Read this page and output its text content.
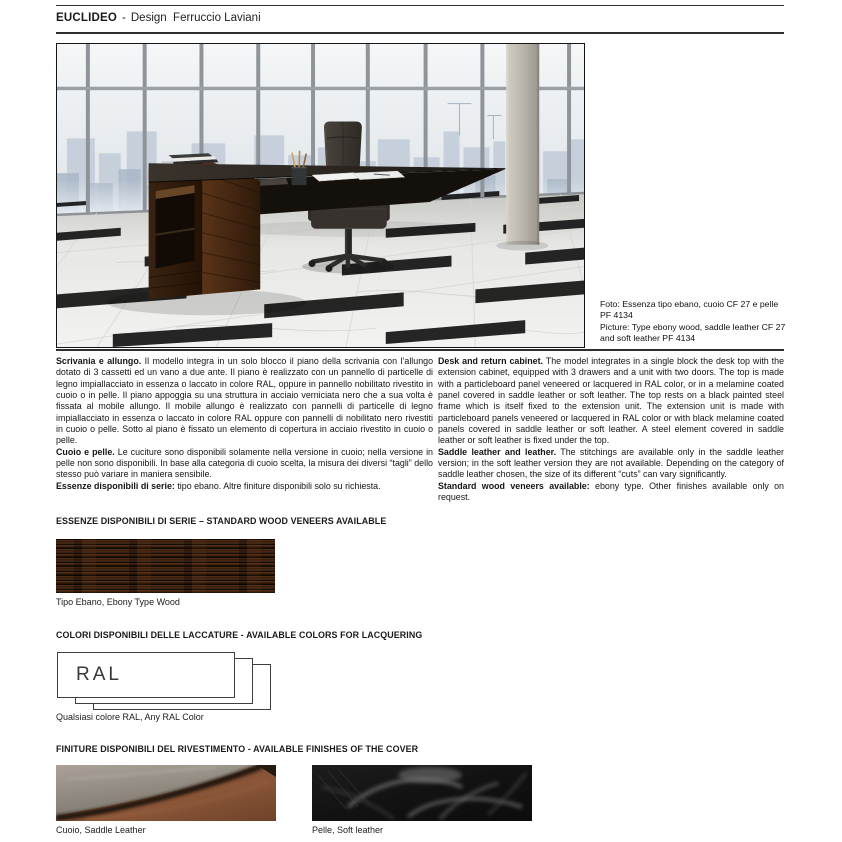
EUCLIDEO - Design  Ferruccio Laviani
Foto: Essenza tipo ebano, cuoio CF 27 e pelle PF 4134
Picture: Type ebony wood, saddle leather CF 27 and soft leather PF 4134

Scrivania e allungo. Il modello integra in un solo blocco il piano della scrivania con l’allungo dotato di 3 cassetti ed un vano a due ante. Il piano è realizzato con un pannello di particelle di legno impiallacciato in essenza o laccato in colore RAL, oppure in pannello nobilitato rivestito in cuoio o in pelle. Il piano appoggia su una struttura in acciaio verniciata nero che a sua volta è fissata al mobile allungo. Il mobile allungo è realizzato con pannelli di particelle di legno impiallacciato in essenza o laccato in colore RAL oppure con pannelli di nobilitato nero rivestiti in cuoio o pelle. Sotto al piano è fissato un elemento di copertura in acciaio rivestito in cuoio o pelle.

Cuoio e pelle. Le cuciture sono disponibili solamente nella versione in cuoio; nella versione in pelle non sono disponibili. In base alla categoria di cuoio scelta, la misura dei diversi “tagli” dello stesso può variare in maniera sensibile.

Essenze disponibili di serie: tipo ebano. Altre finiture disponibili solo su richiesta.

Desk and return cabinet. The model integrates in a single block the desk top with the extension cabinet, equipped with 3 drawers and a unit with two doors. The top is made with a particleboard panel veneered or lacquered in RAL color, or in a melamine coated panel covered in saddle leather or soft leather. The top rests on a black painted steel frame which is itself fixed to the extension unit. The extension unit is made with particleboard panels veneered or lacquered in RAL color or with black melamine coated panels covered in saddle leather or soft leather. A steel element covered in saddle leather or soft leather is fixed under the top.

Saddle leather and leather. The stitchings are available only in the saddle leather version; in the soft leather version they are not available. Depending on the category of saddle leather chosen, the size of its different “cuts” can vary significantly.

Standard wood veneers available: ebony type. Other finishes available only on request.

ESSENZE DISPONIBILI DI SERIE – STANDARD WOOD VENEERS AVAILABLE
Tipo Ebano, Ebony Type Wood
COLORI DISPONIBILI DELLE LACCATURE - AVAILABLE COLORS FOR LACQUERING
RAL
Qualsiasi colore RAL, Any RAL Color
FINITURE DISPONIBILI DEL RIVESTIMENTO - AVAILABLE FINISHES OF THE COVER
Cuoio, Saddle Leather	Pelle, Soft leather
